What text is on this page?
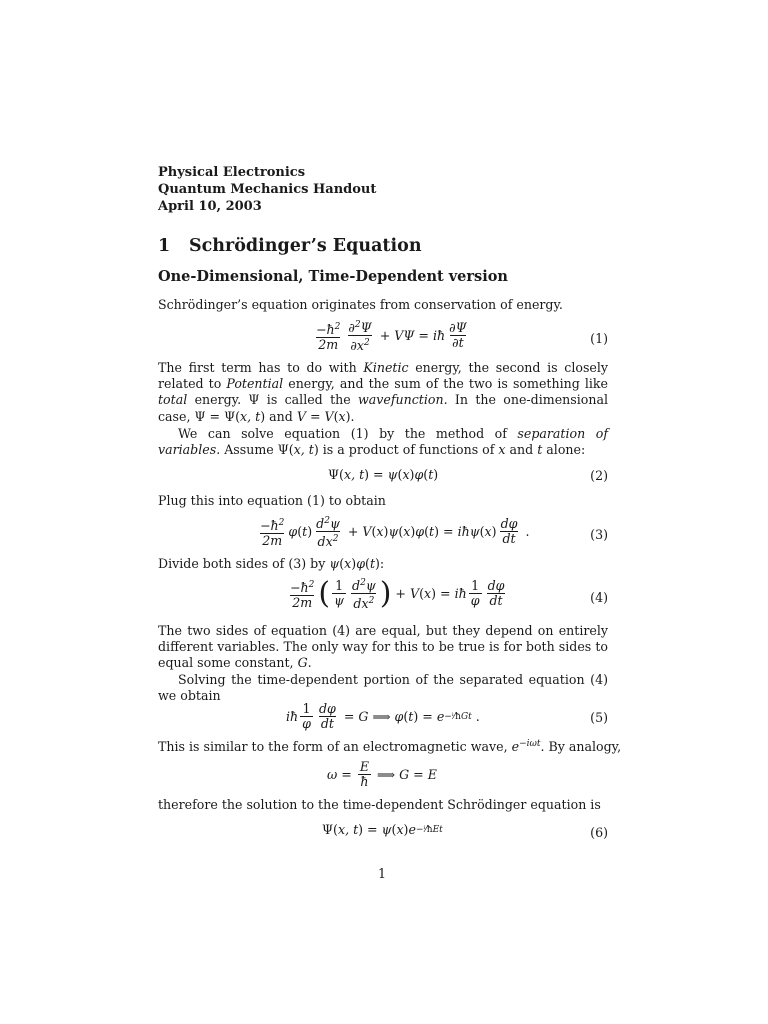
Physical Electronics
Quantum Mechanics Handout
April 10, 2003
1 Schrödinger’s Equation
One-Dimensional, Time-Dependent version
Schrödinger’s equation originates from conservation of energy.
$\frac{-ħ^2}{2m} \frac{\partial^2\Psi}{\partial x^2} + V\Psi$ = iħ $\frac{\partial\Psi}{\partial t}$	(1)
The first term has to do with Kinetic energy, the second is closely related to Potential energy, and the sum of the two is something like total energy. Ψ is called the wavefunction. In the one-dimensional case, Ψ = Ψ(x, t) and V = V(x).
We can solve equation (1) by the method of separation of variables. Assume Ψ(x, t) is a product of functions of x and t alone:
Ψ( x, t ) = ψ ( x ) φ ( t )	(2)
Plug this into equation (1) to obtain
$\frac{-ħ^2}{2m}$ φ ( t ) $\frac{d^2\psi}{dx^2} + V$ ( x ) ψ ( x ) φ ( t ) = iħψ ( x ) $\frac{d\varphi}{dt}$ .	(3)
Divide both sides of (3) by ψ(x)φ(t):
$\frac{-ħ^2}{2m}$ ( $\frac{1}{\psi} \frac{d^2\psi}{dx^2}$ ) + V ( x ) = iħ $\frac{1}{\varphi} \frac{d\varphi}{dt}$	(4)
The two sides of equation (4) are equal, but they depend on entirely different variables. The only way for this to be true is for both sides to equal some constant, G.
Solving the time-dependent portion of the separated equation (4) we obtain
iħ $\frac{1}{\varphi} \frac{d\varphi}{dt} = G$ ⟹ φ ( t ) = e −ⁱ⁄ħGt .	(5)
This is similar to the form of an electromagnetic wave, $e^{-i\omega t}$. By analogy,
$\omega = \frac{E}{ħ}$ ⟹ G = E
therefore the solution to the time-dependent Schrödinger equation is
Ψ( x, t ) = ψ ( x ) e −ⁱ⁄ħEt	(6)
1
